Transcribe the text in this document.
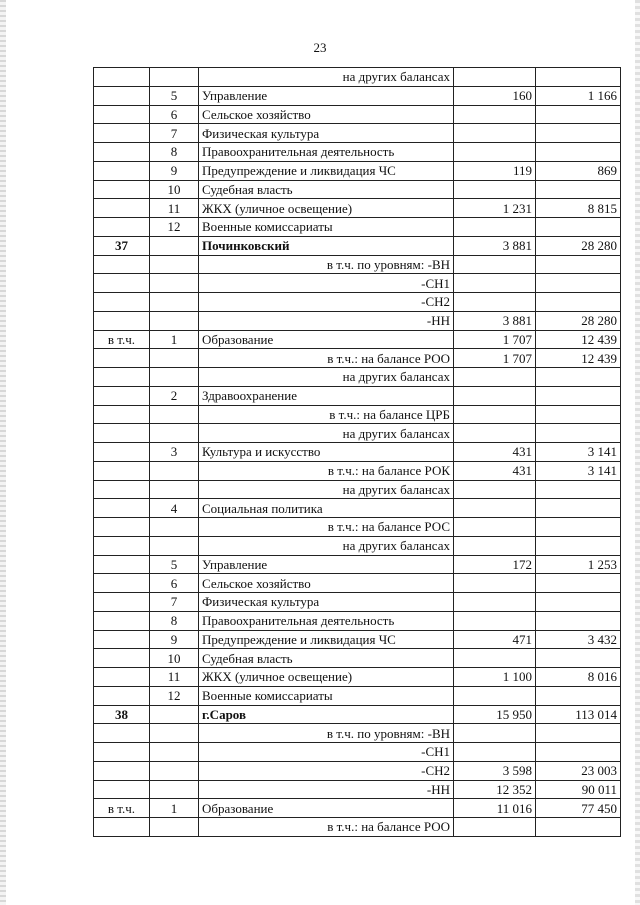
23
		на других балансах		
	5	Управление	160	1 166
	6	Сельское хозяйство		
	7	Физическая культура		
	8	Правоохранительная деятельность		
	9	Предупреждение и ликвидация ЧС	119	869
	10	Судебная власть		
	11	ЖКХ (уличное освещение)	1 231	8 815
	12	Военные комиссариаты		
37		Починковский	3 881	28 280
		в т.ч. по уровням: -ВН		
		-СН1		
		-СН2		
		-НН	3 881	28 280
в т.ч.	1	Образование	1 707	12 439
		в т.ч.: на балансе РОО	1 707	12 439
		на других балансах		
	2	Здравоохранение		
		в т.ч.: на балансе ЦРБ		
		на других балансах		
	3	Культура и искусство	431	3 141
		в т.ч.: на балансе РОК	431	3 141
		на других балансах		
	4	Социальная политика		
		в т.ч.: на балансе РОС		
		на других балансах		
	5	Управление	172	1 253
	6	Сельское хозяйство		
	7	Физическая культура		
	8	Правоохранительная деятельность		
	9	Предупреждение и ликвидация ЧС	471	3 432
	10	Судебная власть		
	11	ЖКХ (уличное освещение)	1 100	8 016
	12	Военные комиссариаты		
38		г.Саров	15 950	113 014
		в т.ч. по уровням: -ВН		
		-СН1		
		-СН2	3 598	23 003
		-НН	12 352	90 011
в т.ч.	1	Образование	11 016	77 450
		в т.ч.: на балансе РОО		
